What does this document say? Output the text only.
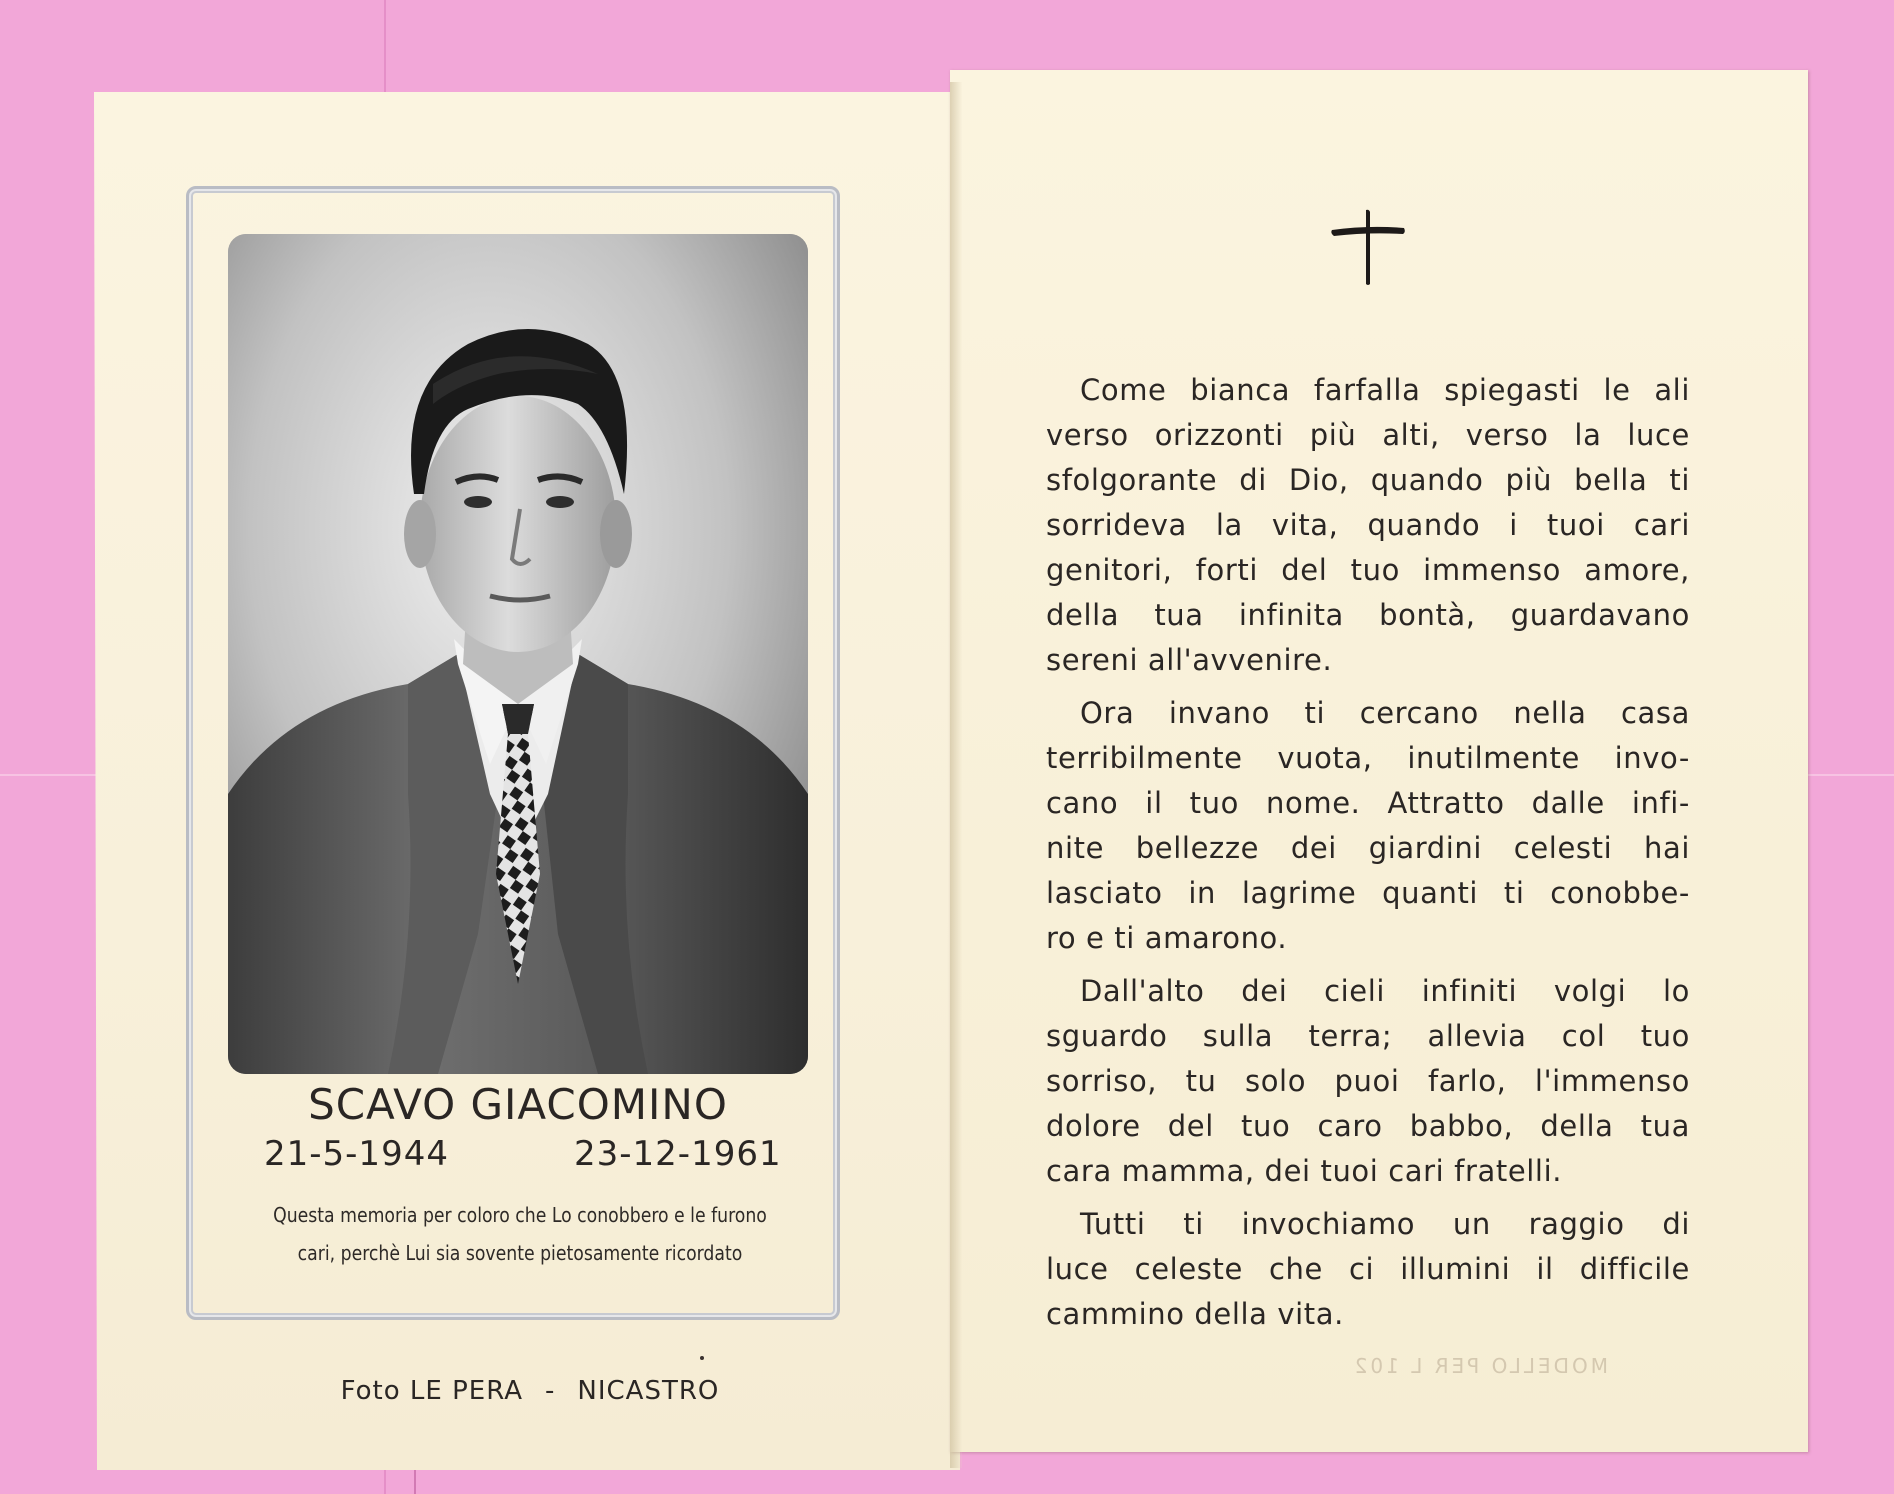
SCAVO GIACOMINO
21-5-1944	23-12-1961
Questa memoria per coloro che Lo conobbero e le furono
cari, perchè Lui sia sovente pietosamente ricordato
Foto LE PERA - NICASTRO
Come bianca farfalla spiegasti le ali
verso orizzonti più alti, verso la luce
sfolgorante di Dio, quando più bella ti
sorrideva la vita, quando i tuoi cari
genitori, forti del tuo immenso amore,
della tua infinita bontà, guardavano
sereni all'avvenire.
Ora invano ti cercano nella casa
terribilmente vuota, inutilmente invo-
cano il tuo nome. Attratto dalle infi-
nite bellezze dei giardini celesti hai
lasciato in lagrime quanti ti conobbe-
ro e ti amarono.
Dall'alto dei cieli infiniti volgi lo
sguardo sulla terra; allevia col tuo
sorriso, tu solo puoi farlo, l'immenso
dolore del tuo caro babbo, della tua
cara mamma, dei tuoi cari fratelli.
Tutti ti invochiamo un raggio di
luce celeste che ci illumini il difficile
cammino della vita.
MODELLO PER L 102
